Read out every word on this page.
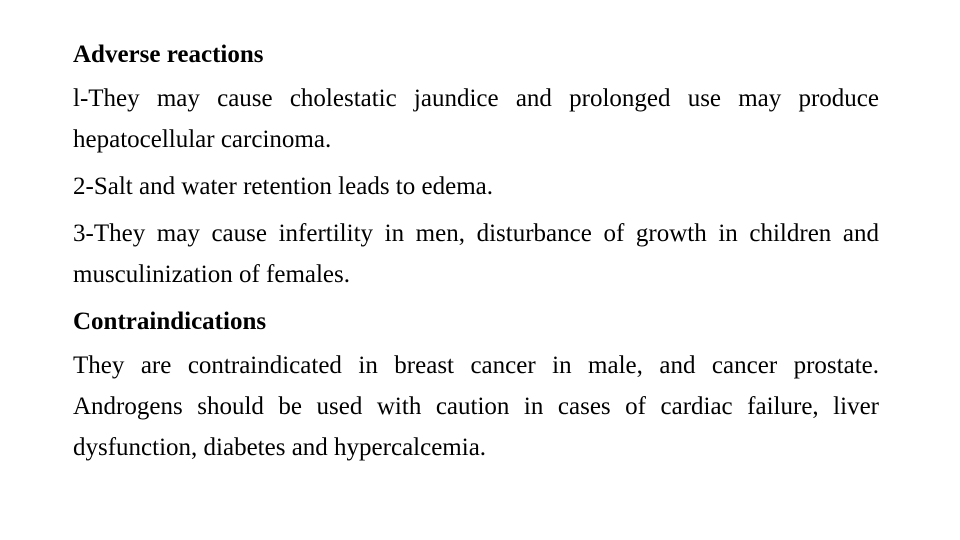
Adverse reactions
l-They may cause cholestatic jaundice and prolonged use may produce hepatocellular carcinoma.
2-Salt and water retention leads to edema.
3-They may cause infertility in men, disturbance of growth in children and musculinization of females.
Contraindications
They are contraindicated in breast cancer in male, and cancer prostate. Androgens should be used with caution in cases of cardiac failure, liver dysfunction, diabetes and hypercalcemia.
